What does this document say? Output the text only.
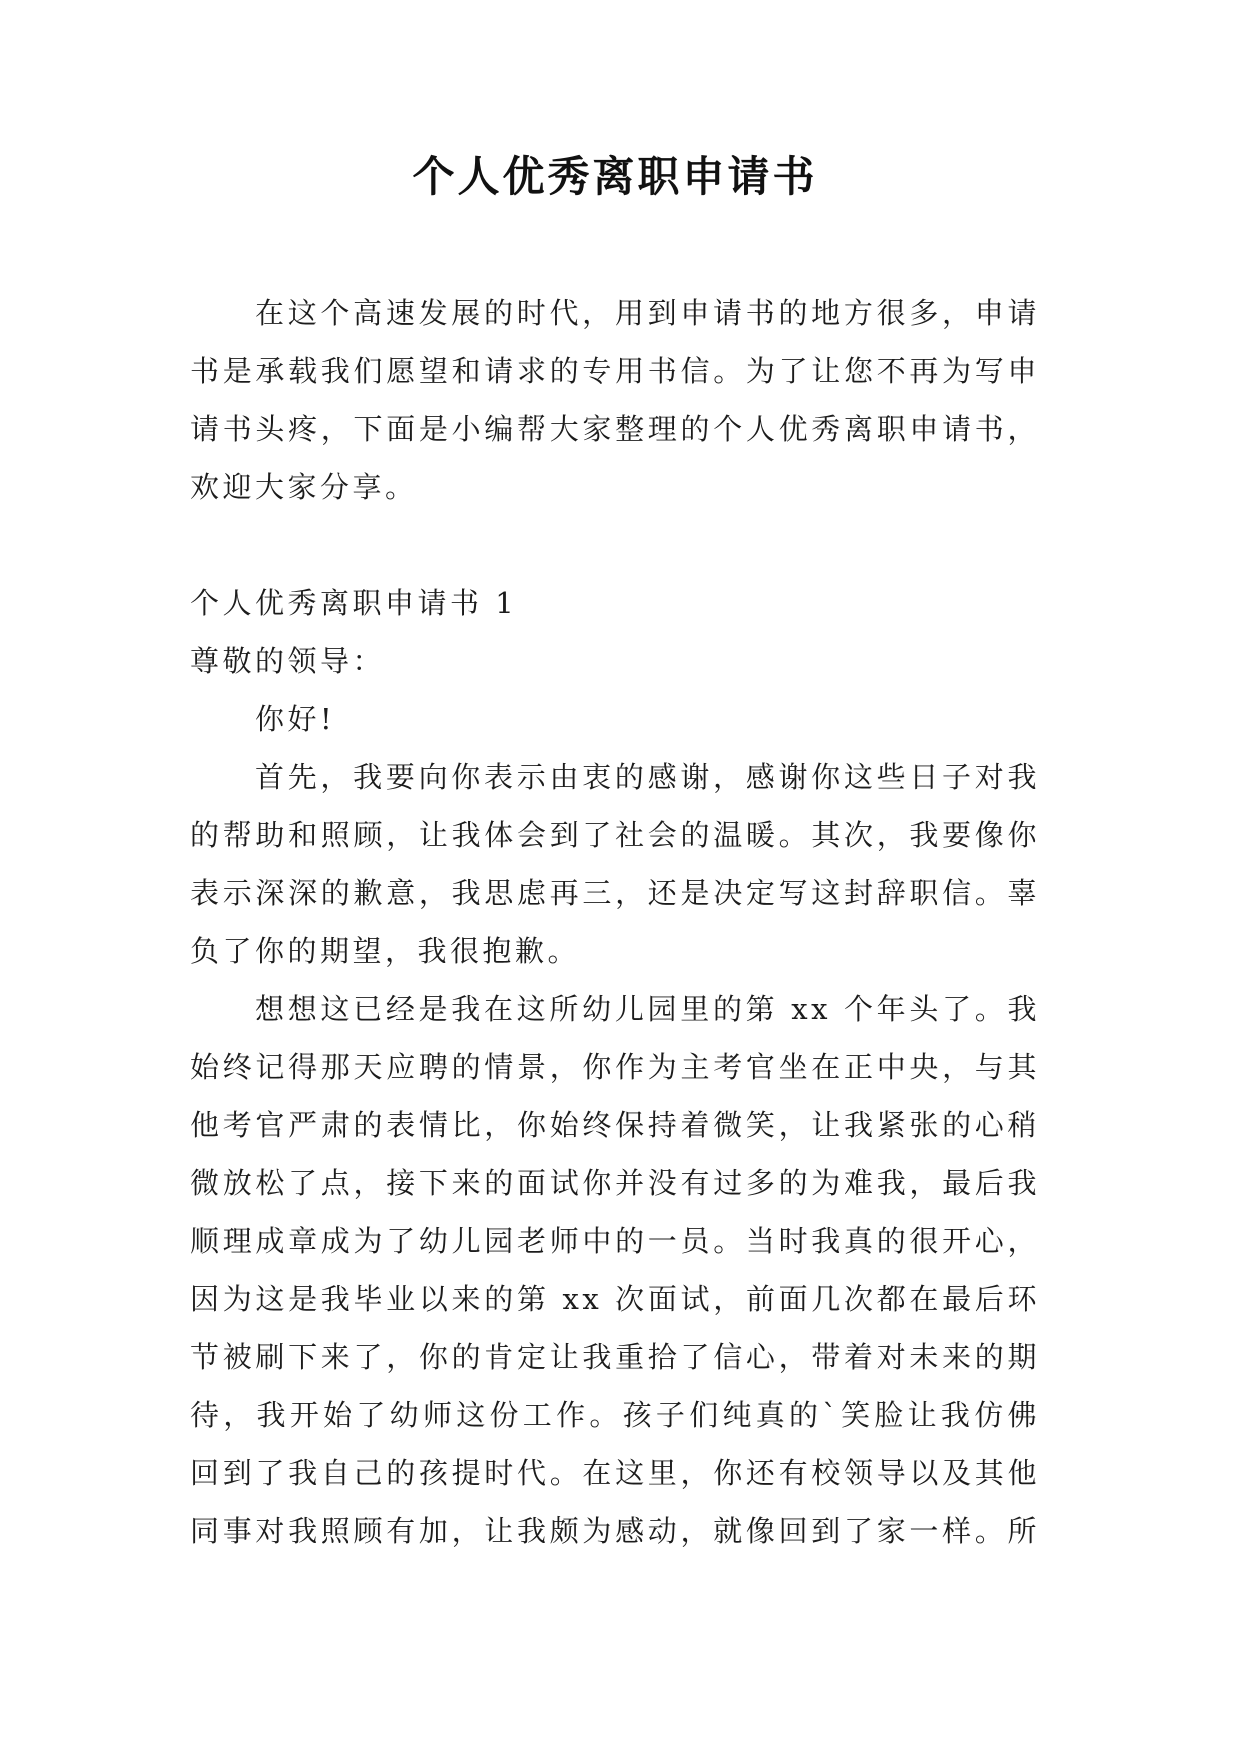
个人优秀离职申请书
在这个高速发展的时代，用到申请书的地方很多，申请
书是承载我们愿望和请求的专用书信。为了让您不再为写申
请书头疼，下面是小编帮大家整理的个人优秀离职申请书，
欢迎大家分享。
个人优秀离职申请书 1
尊敬的领导：
你好!
首先，我要向你表示由衷的感谢，感谢你这些日子对我
的帮助和照顾，让我体会到了社会的温暖。其次，我要像你
表示深深的歉意，我思虑再三，还是决定写这封辞职信。辜
负了你的期望，我很抱歉。
想想这已经是我在这所幼儿园里的第 xx 个年头了。我
始终记得那天应聘的情景，你作为主考官坐在正中央，与其
他考官严肃的表情比，你始终保持着微笑，让我紧张的心稍
微放松了点，接下来的面试你并没有过多的为难我，最后我
顺理成章成为了幼儿园老师中的一员。当时我真的很开心，
因为这是我毕业以来的第 xx 次面试，前面几次都在最后环
节被刷下来了，你的肯定让我重拾了信心，带着对未来的期
待，我开始了幼师这份工作。孩子们纯真的`笑脸让我仿佛
回到了我自己的孩提时代。在这里，你还有校领导以及其他
同事对我照顾有加，让我颇为感动，就像回到了家一样。所
